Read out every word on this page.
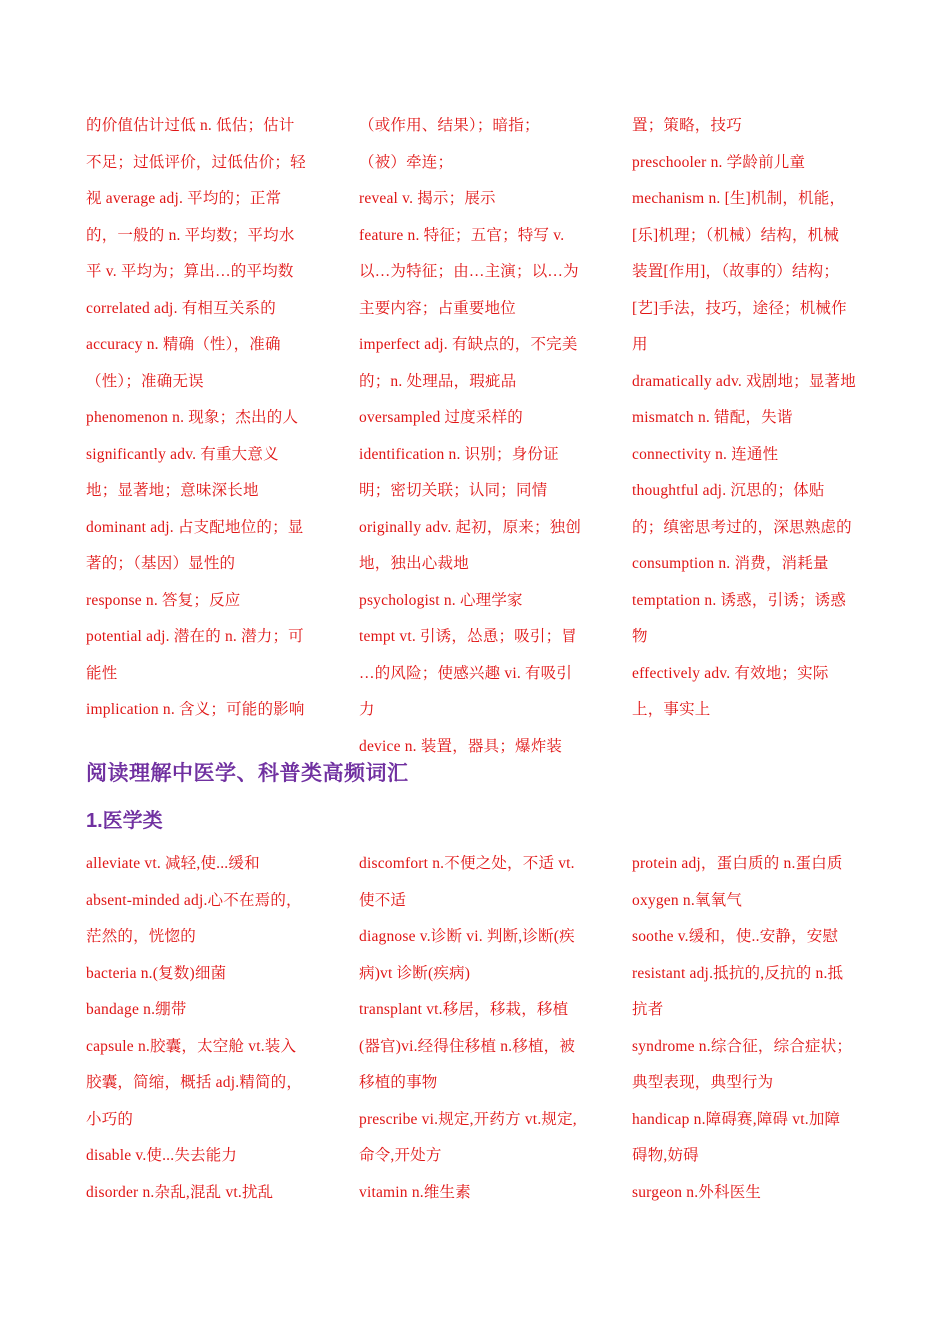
的价值估计过低 n. 低估；估计
不足；过低评价，过低估价；轻
视 average adj. 平均的；正常
的，一般的 n. 平均数；平均水
平 v. 平均为；算出…的平均数
correlated adj. 有相互关系的
accuracy n. 精确（性），准确
（性）；准确无误
phenomenon n. 现象；杰出的人
significantly adv. 有重大意义
地；显著地；意味深长地
dominant adj. 占支配地位的；显
著的；（基因）显性的
response n. 答复；反应
potential adj. 潜在的 n. 潜力；可
能性
implication n. 含义；可能的影响
（或作用、结果）；暗指；
（被）牵连；
reveal v. 揭示；展示
feature n. 特征；五官；特写 v.
以…为特征；由…主演；以…为
主要内容；占重要地位
imperfect adj. 有缺点的，不完美
的；n. 处理品，瑕疵品
oversampled 过度采样的
identification n. 识别；身份证
明；密切关联；认同；同情
originally adv. 起初，原来；独创
地，独出心裁地
psychologist n. 心理学家
tempt vt. 引诱，怂恿；吸引；冒
…的风险；使感兴趣 vi. 有吸引
力
device n. 装置，器具；爆炸装
置；策略，技巧
preschooler n. 学龄前儿童
mechanism n. [生]机制，机能，
[乐]机理；（机械）结构，机械
装置[作用]，（故事的）结构；
[艺]手法，技巧，途径；机械作
用
dramatically adv. 戏剧地；显著地
mismatch n. 错配，失谐
connectivity n. 连通性
thoughtful adj. 沉思的；体贴
的；缜密思考过的，深思熟虑的
consumption n. 消费，消耗量
temptation n. 诱惑，引诱；诱惑
物
effectively adv. 有效地；实际
上，事实上
阅读理解中医学、科普类高频词汇
1.医学类
alleviate vt. 减轻,使...缓和
absent-minded adj.心不在焉的，
茫然的，恍惚的
bacteria n.(复数)细菌
bandage n.绷带
capsule n.胶囊，太空舱 vt.装入
胶囊，简缩，概括 adj.精简的，
小巧的
disable v.使...失去能力
disorder n.杂乱,混乱 vt.扰乱
discomfort n.不便之处，不适 vt.
使不适
diagnose v.诊断 vi. 判断,诊断(疾
病)vt 诊断(疾病)
transplant vt.移居，移栽，移植
(器官)vi.经得住移植 n.移植，被
移植的事物
prescribe vi.规定,开药方 vt.规定,
命令,开处方
vitamin n.维生素
protein adj，蛋白质的 n.蛋白质
oxygen n.氧氧气
soothe v.缓和，使..安静，安慰
resistant adj.抵抗的,反抗的 n.抵
抗者
syndrome n.综合征，综合症状；
典型表现，典型行为
handicap n.障碍赛,障碍 vt.加障
碍物,妨碍
surgeon n.外科医生
